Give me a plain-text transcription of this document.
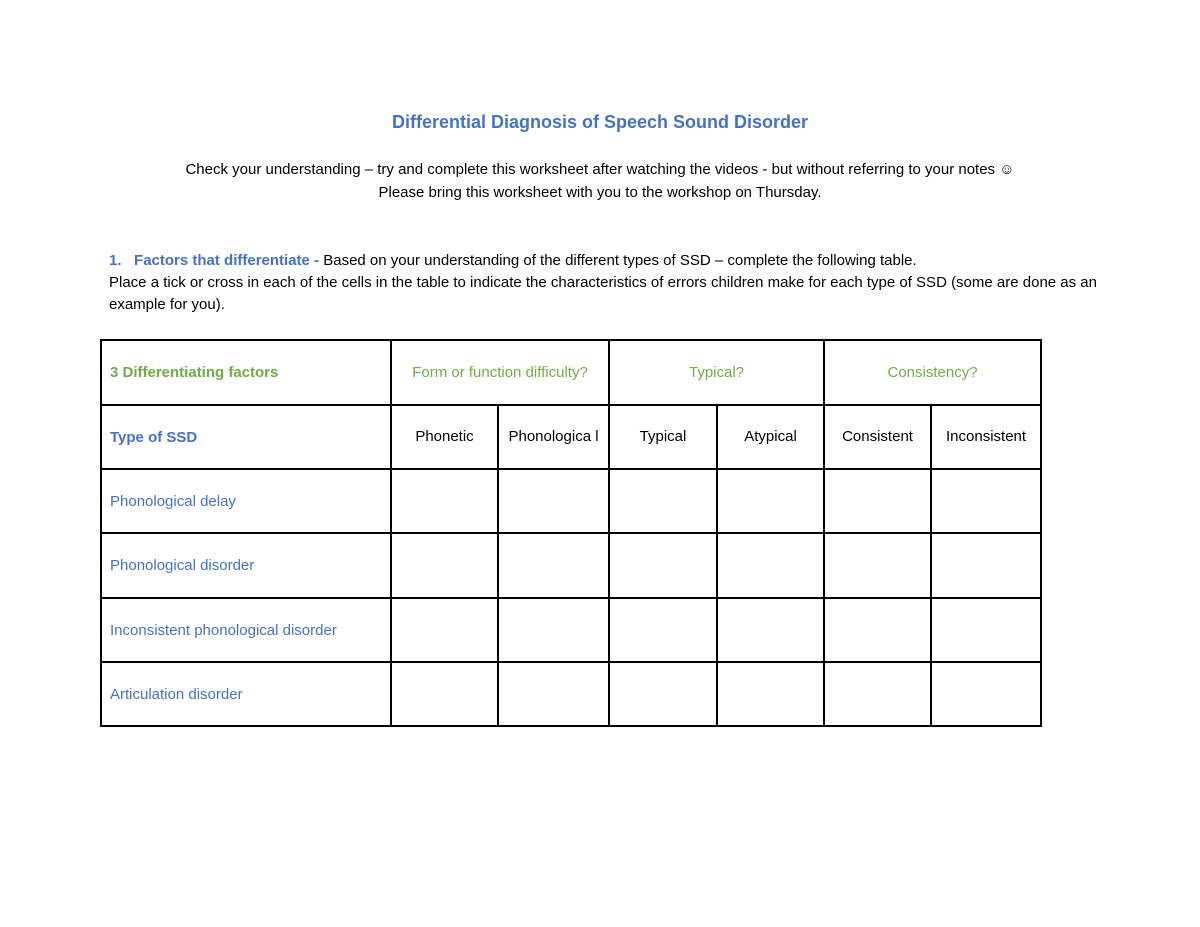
Differential Diagnosis of Speech Sound Disorder
Check your understanding – try and complete this worksheet after watching the videos - but without referring to your notes ☺
Please bring this worksheet with you to the workshop on Thursday.
1. Factors that differentiate - Based on your understanding of the different types of SSD – complete the following table.
Place a tick or cross in each of the cells in the table to indicate the characteristics of errors children make for each type of SSD (some are done as an example for you).
3 Differentiating factors	Form or function difficulty?		Typical?		Consistency?	
Type of SSD	Phonetic	Phonologica l	Typical	Atypical	Consistent	Inconsistent
Phonological delay						
Phonological disorder						
Inconsistent phonological disorder						
Articulation disorder						
